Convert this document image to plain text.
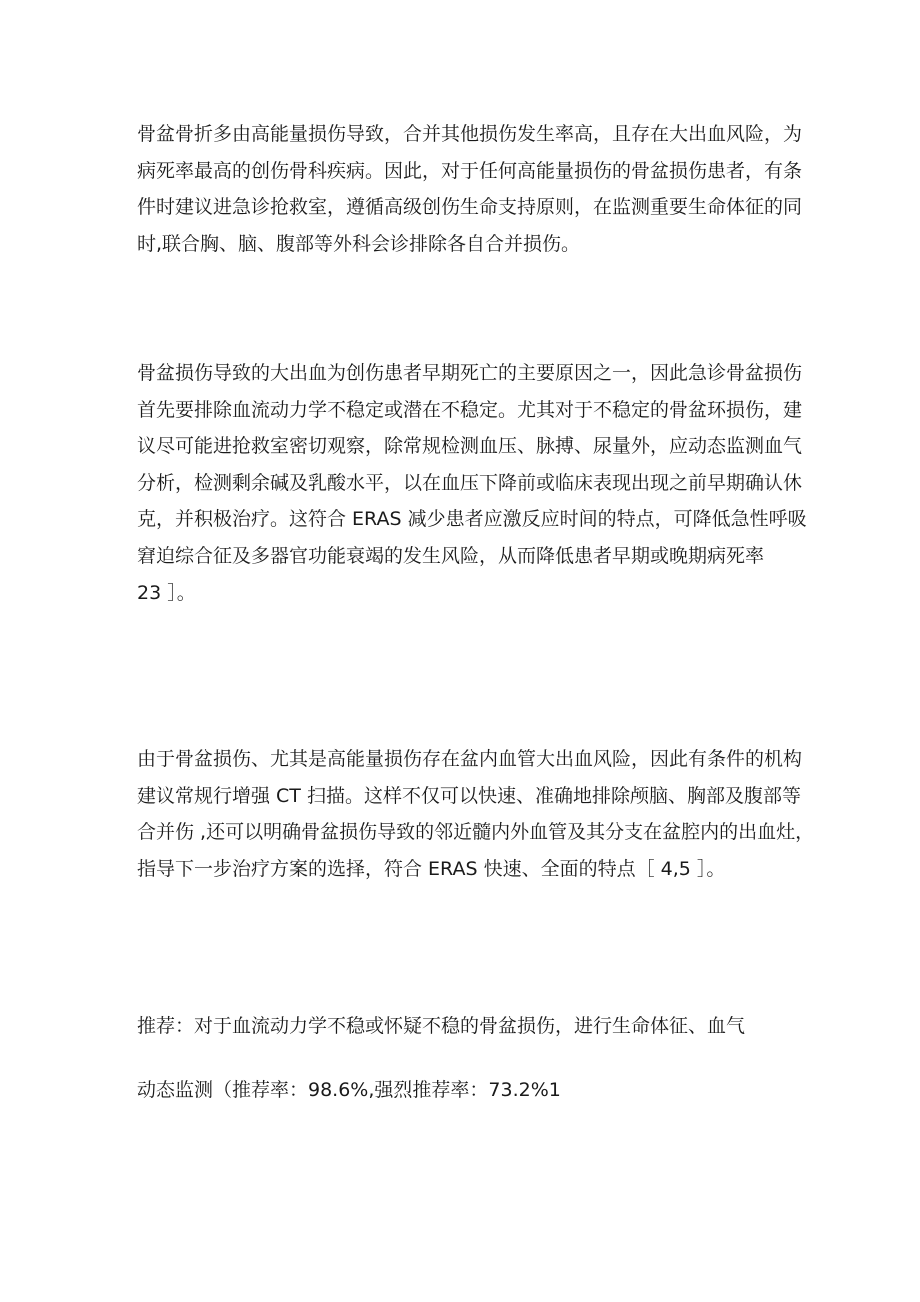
骨盆骨折多由高能量损伤导致，合并其他损伤发生率高，且存在大出血风险，为
病死率最高的创伤骨科疾病。因此，对于任何高能量损伤的骨盆损伤患者，有条
件时建议进急诊抢救室，遵循高级创伤生命支持原则，在监测重要生命体征的同
时,联合胸、脑、腹部等外科会诊排除各自合并损伤。
骨盆损伤导致的大出血为创伤患者早期死亡的主要原因之一，因此急诊骨盆损伤
首先要排除血流动力学不稳定或潜在不稳定。尤其对于不稳定的骨盆环损伤，建
议尽可能进抢救室密切观察，除常规检测血压、脉搏、尿量外，应动态监测血气
分析，检测剩余碱及乳酸水平，以在血压下降前或临床表现出现之前早期确认休
克，并积极治疗。这符合 ERAS 减少患者应激反应时间的特点，可降低急性呼吸
窘迫综合征及多器官功能衰竭的发生风险，从而降低患者早期或晚期病死率
23 ］。
由于骨盆损伤、尤其是高能量损伤存在盆内血管大出血风险，因此有条件的机构
建议常规行增强 CT 扫描。这样不仅可以快速、准确地排除颅脑、胸部及腹部等
合并伤 ,还可以明确骨盆损伤导致的邻近髓内外血管及其分支在盆腔内的出血灶，
指导下一步治疗方案的选择，符合 ERAS 快速、全面的特点［ 4,5 ］。
推荐：对于血流动力学不稳或怀疑不稳的骨盆损伤，进行生命体征、血气
动态监测（推荐率：98.6%,强烈推荐率：73.2%1
